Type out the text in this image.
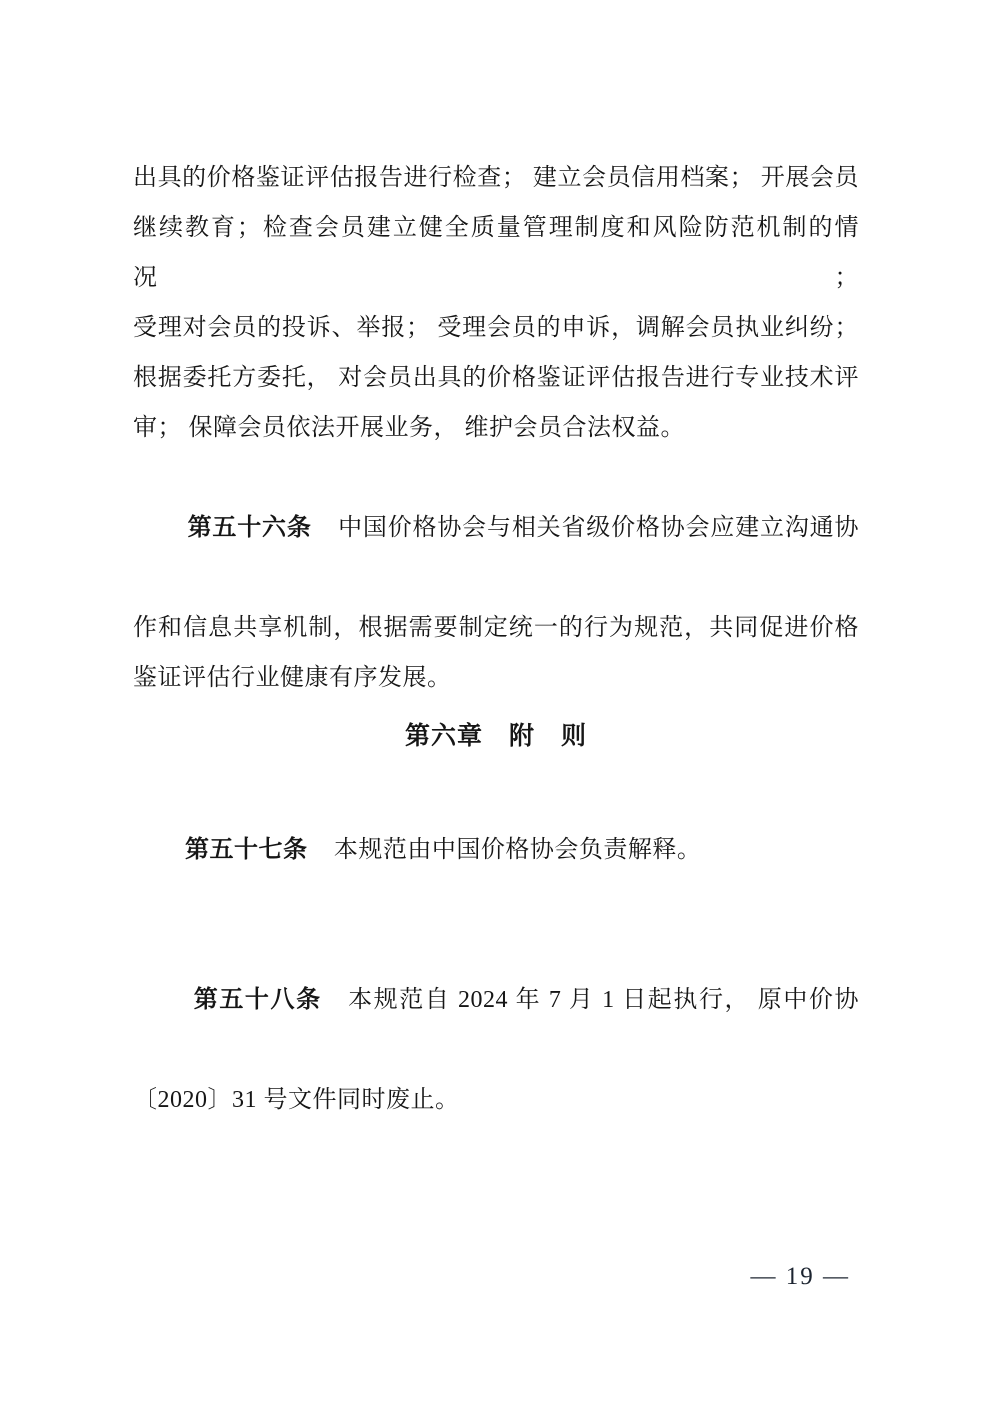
出具的价格鉴证评估报告进行检查； 建立会员信用档案； 开展会员
继续教育；检查会员建立健全质量管理制度和风险防范机制的情况；
受理对会员的投诉、举报； 受理会员的申诉，调解会员执业纠纷；
根据委托方委托， 对会员出具的价格鉴证评估报告进行专业技术评
审； 保障会员依法开展业务， 维护会员合法权益。

第五十六条 中国价格协会与相关省级价格协会应建立沟通协

作和信息共享机制，根据需要制定统一的行为规范，共同促进价格
鉴证评估行业健康有序发展。
第六章　附　则

第五十七条 本规范由中国价格协会负责解释。

第五十八条 本规范自 2024 年 7 月 1 日起执行， 原中价协

〔2020〕31 号文件同时废止。
— 19 —
